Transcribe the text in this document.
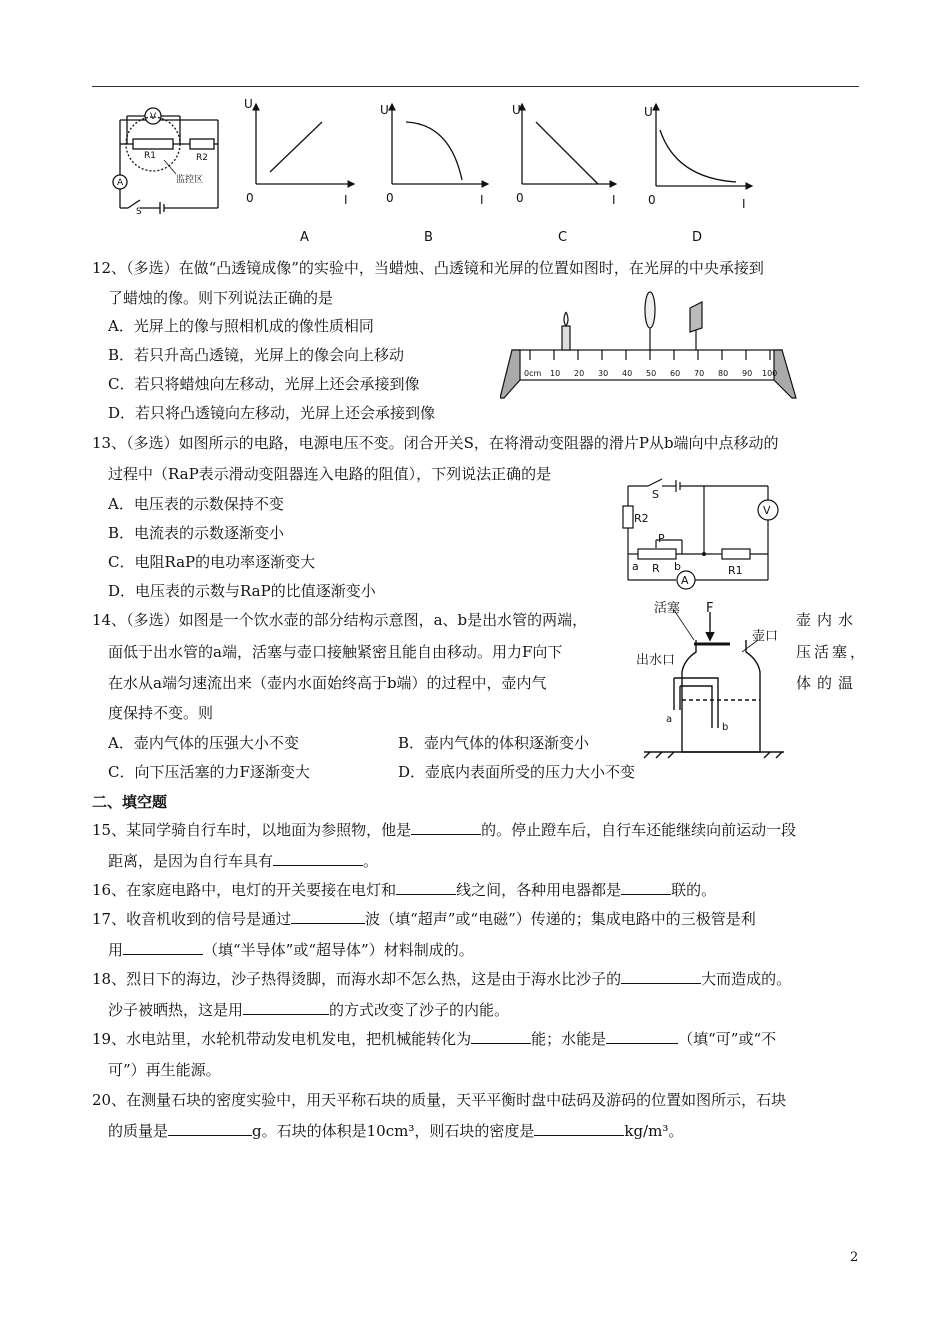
V
A
R1	R2
S
监控区
U
0	I
U
0	I
U
0	I
U
0	I
A	B	C	D
12、（多选）在做“凸透镜成像”的实验中，当蜡烛、凸透镜和光屏的位置如图时，在光屏的中央承接到
了蜡烛的像。则下列说法正确的是
A．光屏上的像与照相机成的像性质相同
B．若只升高凸透镜，光屏上的像会向上移动
C．若只将蜡烛向左移动，光屏上还会承接到像
D．若只将凸透镜向左移动，光屏上还会承接到像
0cm 10 20 30 40 50 60 70 80 90 100
13、（多选）如图所示的电路，电源电压不变。闭合开关S，在将滑动变阻器的滑片P从b端向中点移动的
过程中（RaP表示滑动变阻器连入电路的阻值），下列说法正确的是
A．电压表的示数保持不变
B．电流表的示数逐渐变小
C．电阻RaP的电功率逐渐变大
D．电压表的示数与RaP的比值逐渐变小
S
R2
V
P
a R b
A
R1
14、（多选）如图是一个饮水壶的部分结构示意图，a、b是出水管的两端，	壶内水
面低于出水管的a端，活塞与壶口接触紧密且能自由移动。用力F向下	压活塞，
在水从a端匀速流出来（壶内水面始终高于b端）的过程中，壶内气	体的温
度保持不变。则
A．壶内气体的压强大小不变	B．壶内气体的体积逐渐变小
C．向下压活塞的力F逐渐变大	D．壶底内表面所受的压力大小不变
活塞 F
壶口
出水口
a
b
二、填空题
15、某同学骑自行车时，以地面为参照物，他是	的。停止蹬车后，自行车还能继续向前运动一段
距离，是因为自行车具有	。
16、在家庭电路中，电灯的开关要接在电灯和	线之间，各种用电器都是	联的。
17、收音机收到的信号是通过	波（填“超声”或“电磁”）传递的；集成电路中的三极管是利
用	（填“半导体”或“超导体”）材料制成的。
18、烈日下的海边，沙子热得烫脚，而海水却不怎么热，这是由于海水比沙子的	大而造成的。
沙子被晒热，这是用	的方式改变了沙子的内能。
19、水电站里，水轮机带动发电机发电，把机械能转化为	能；水能是	（填“可”或“不
可”）再生能源。
20、在测量石块的密度实验中，用天平称石块的质量，天平平衡时盘中砝码及游码的位置如图所示，石块
的质量是	g。石块的体积是10cm³，则石块的密度是	kg/m³。
2
